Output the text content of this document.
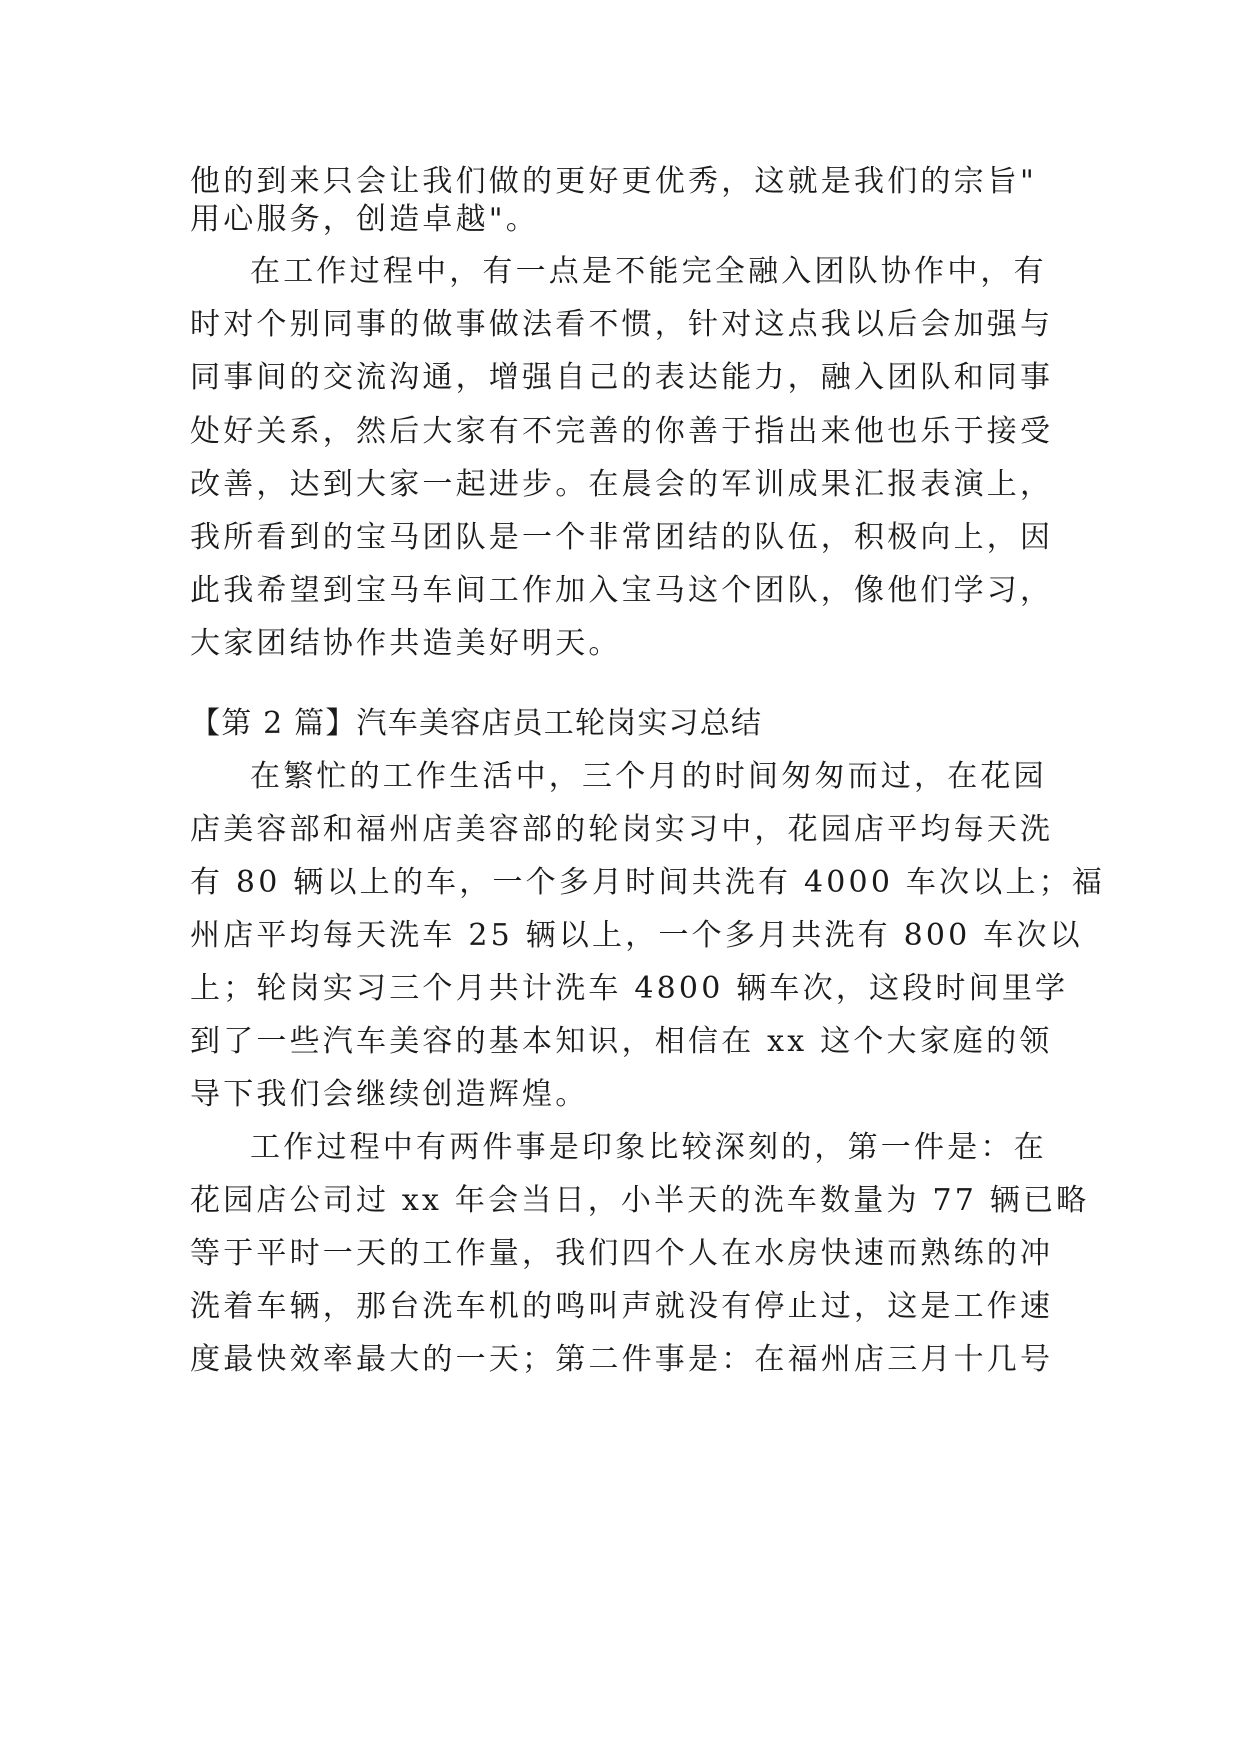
他的到来只会让我们做的更好更优秀，这就是我们的宗旨"
用心服务，创造卓越"。
在工作过程中，有一点是不能完全融入团队协作中，有
时对个别同事的做事做法看不惯，针对这点我以后会加强与
同事间的交流沟通，增强自己的表达能力，融入团队和同事
处好关系，然后大家有不完善的你善于指出来他也乐于接受
改善，达到大家一起进步。在晨会的军训成果汇报表演上，
我所看到的宝马团队是一个非常团结的队伍，积极向上，因
此我希望到宝马车间工作加入宝马这个团队，像他们学习，
大家团结协作共造美好明天。
【第 2 篇】汽车美容店员工轮岗实习总结
在繁忙的工作生活中，三个月的时间匆匆而过，在花园
店美容部和福州店美容部的轮岗实习中，花园店平均每天洗
有 80 辆以上的车，一个多月时间共洗有 4000 车次以上；福
州店平均每天洗车 25 辆以上，一个多月共洗有 800 车次以
上；轮岗实习三个月共计洗车 4800 辆车次，这段时间里学
到了一些汽车美容的基本知识，相信在 xx 这个大家庭的领
导下我们会继续创造辉煌。
工作过程中有两件事是印象比较深刻的，第一件是：在
花园店公司过 xx 年会当日，小半天的洗车数量为 77 辆已略
等于平时一天的工作量，我们四个人在水房快速而熟练的冲
洗着车辆，那台洗车机的鸣叫声就没有停止过，这是工作速
度最快效率最大的一天；第二件事是：在福州店三月十几号
